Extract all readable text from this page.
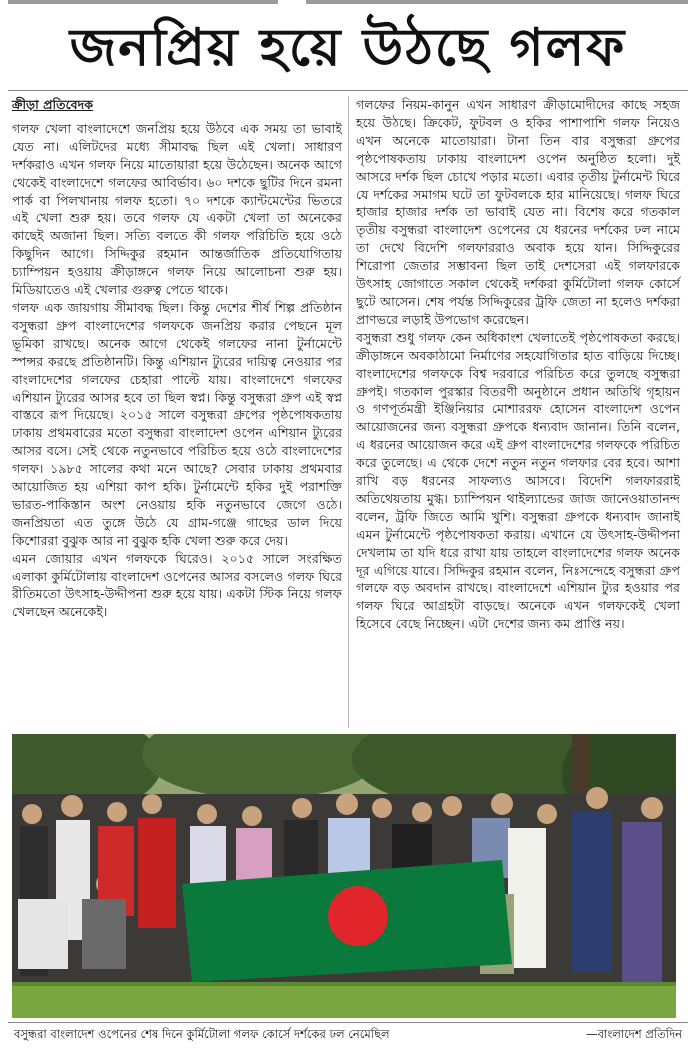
জনপ্রিয় হয়ে উঠছে গলফ
ক্রীড়া প্রতিবেদক

গলফ খেলা বাংলাদেশে জনপ্রিয় হয়ে উঠবে এক সময় তা ভাবাই যেত না। এলিটদের মধ্যে সীমাবদ্ধ ছিল এই খেলা। সাধারণ দর্শকরাও এখন গলফ নিয়ে মাতোয়ারা হয়ে উঠেছেন। অনেক আগে থেকেই বাংলাদেশে গলফের আবির্ভাব। ৬০ দশকে ছুটির দিনে রমনা পার্ক বা পিলখানায় গলফ হতো। ৭০ দশকে ক্যান্টমেন্টের ভিতরে এই খেলা শুরু হয়। তবে গলফ যে একটা খেলা তা অনেকের কাছেই অজানা ছিল। সত্যি বলতে কী গলফ পরিচিতি হয়ে ওঠে কিছুদিন আগে। সিদ্দিকুর রহমান আন্তর্জাতিক প্রতিযোগিতায় চ্যাম্পিয়ন হওয়ায় ক্রীড়াঙ্গনে গলফ নিয়ে আলোচনা শুরু হয়। মিডিয়াতেও এই খেলার গুরুত্ব পেতে থাকে।

গলফ এক জায়গায় সীমাবদ্ধ ছিল। কিন্তু দেশের শীর্ষ শিল্প প্রতিষ্ঠান বসুন্ধরা গ্রুপ বাংলাদেশের গলফকে জনপ্রিয় করার পেছনে মূল ভূমিকা রাখছে। অনেক আগে থেকেই গলফের নানা টুর্নামেন্টে স্পন্সর করছে প্রতিষ্ঠানটি। কিন্তু এশিয়ান ট্যুরের দায়িত্ব নেওয়ার পর বাংলাদেশের গলফের চেহারা পাল্টে যায়। বাংলাদেশে গলফের এশিয়ান ট্যুরের আসর হবে তা ছিল স্বপ্ন। কিন্তু বসুন্ধরা গ্রুপ এই স্বপ্ন বাস্তবে রূপ দিয়েছে। ২০১৫ সালে বসুন্ধরা গ্রুপের পৃষ্ঠপোষকতায় ঢাকায় প্রথমবারের মতো বসুন্ধরা বাংলাদেশ ওপেন এশিয়ান ট্যুরের আসর বসে। সেই থেকে নতুনভাবে পরিচিত হয়ে ওঠে বাংলাদেশের গলফ। ১৯৮৫ সালের কথা মনে আছে? সেবার ঢাকায় প্রথমবার আয়োজিত হয় এশিয়া কাপ হকি। টুর্নামেন্টে হকির দুই পরাশক্তি ভারত-পাকিস্তান অংশ নেওয়ায় হকি নতুনভাবে জেগে ওঠে। জনপ্রিয়তা এত তুঙ্গে উঠে যে গ্রাম-গঞ্জে গাছের ডাল দিয়ে কিশোররা বুঝুক আর না বুঝুক হকি খেলা শুরু করে দেয়।

এমন জোয়ার এখন গলফকে ঘিরেও। ২০১৫ সালে সংরক্ষিত এলাকা কুর্মিটোলায় বাংলাদেশ ওপেনের আসর বসলেও গলফ ঘিরে রীতিমতো উৎসাহ-উদ্দীপনা শুরু হয়ে যায়। একটা স্টিক নিয়ে গলফ খেলছেন অনেকেই।

গলফের নিয়ম-কানুন এখন সাধারণ ক্রীড়ামোদীদের কাছে সহজ হয়ে উঠছে। ক্রিকেট, ফুটবল ও হকির পাশাপাশি গলফ নিয়েও এখন অনেকে মাতোয়ারা। টানা তিন বার বসুন্ধরা গ্রুপের পৃষ্ঠপোষকতায় ঢাকায় বাংলাদেশ ওপেন অনুষ্ঠিত হলো। দুই আসরে দর্শক ছিল চোখে পড়ার মতো। এবার তৃতীয় টুর্নামেন্ট ঘিরে যে দর্শকের সমাগম ঘটে তা ফুটবলকে হার মানিয়েছে। গলফ ঘিরে হাজার হাজার দর্শক তা ভাবাই যেত না। বিশেষ করে গতকাল তৃতীয় বসুন্ধরা বাংলাদেশ ওপেনের যে ধরনের দর্শকের ঢল নামে তা দেখে বিদেশি গলফাররাও অবাক হয়ে যান। সিদ্দিকুরের শিরোপা জেতার সম্ভাবনা ছিল তাই দেশসেরা এই গলফারকে উৎসাহ জোগাতে সকাল থেকেই দর্শকরা কুর্মিটোলা গলফ কোর্সে ছুটে আসেন। শেষ পর্যন্ত সিদ্দিকুরের ট্রফি জেতা না হলেও দর্শকরা প্রাণভরে লড়াই উপভোগ করেছেন।

বসুন্ধরা শুধু গলফ কেন অধিকাংশ খেলাতেই পৃষ্ঠপোষকতা করছে। ক্রীড়াঙ্গনে অবকাঠামো নির্মাণের সহযোগিতার হাত বাড়িয়ে দিচ্ছে। বাংলাদেশের গলফকে বিশ্ব দরবারে পরিচিত করে তুলছে বসুন্ধরা গ্রুপই। গতকাল পুরস্কার বিতরণী অনুষ্ঠানে প্রধান অতিথি গৃহায়ন ও গণপূর্তমন্ত্রী ইঞ্জিনিয়ার মোশাররফ হোসেন বাংলাদেশ ওপেন আয়োজনের জন্য বসুন্ধরা গ্রুপকে ধন্যবাদ জানান। তিনি বলেন, এ ধরনের আয়োজন করে এই গ্রুপ বাংলাদেশের গলফকে পরিচিত করে তুলেছে। এ থেকে দেশে নতুন নতুন গলফার বের হবে। আশা রাখি বড় ধরনের সাফল্যও আসবে। বিদেশি গলফাররাই অতিথেয়তায় মুগ্ধ। চ্যাম্পিয়ন থাইল্যান্ডের জাজ জানেওয়াতানন্দ বলেন, ট্রফি জিতে আমি খুশি। বসুন্ধরা গ্রুপকে ধন্যবাদ জানাই এমন টুর্নামেন্টে পৃষ্ঠপোষকতা করায়। এখানে যে উৎসাহ-উদ্দীপনা দেখলাম তা যদি ধরে রাখা যায় তাহলে বাংলাদেশের গলফ অনেক দূর এগিয়ে যাবে। সিদ্দিকুর রহমান বলেন, নিঃসন্দেহে বসুন্ধরা গ্রুপ গলফে বড় অবদান রাখছে। বাংলাদেশে এশিয়ান ট্যুর হওয়ার পর গলফ ঘিরে আগ্রহটা বাড়ছে। অনেকে এখন গলফকেই খেলা হিসেবে বেছে নিচ্ছেন। এটা দেশের জন্য কম প্রাপ্তি নয়।

বসুন্ধরা বাংলাদেশ ওপেনের শেষ দিনে কুর্মিটোলা গলফ কোর্সে দর্শকের ঢল নেমেছিল	—বাংলাদেশ প্রতিদিন
